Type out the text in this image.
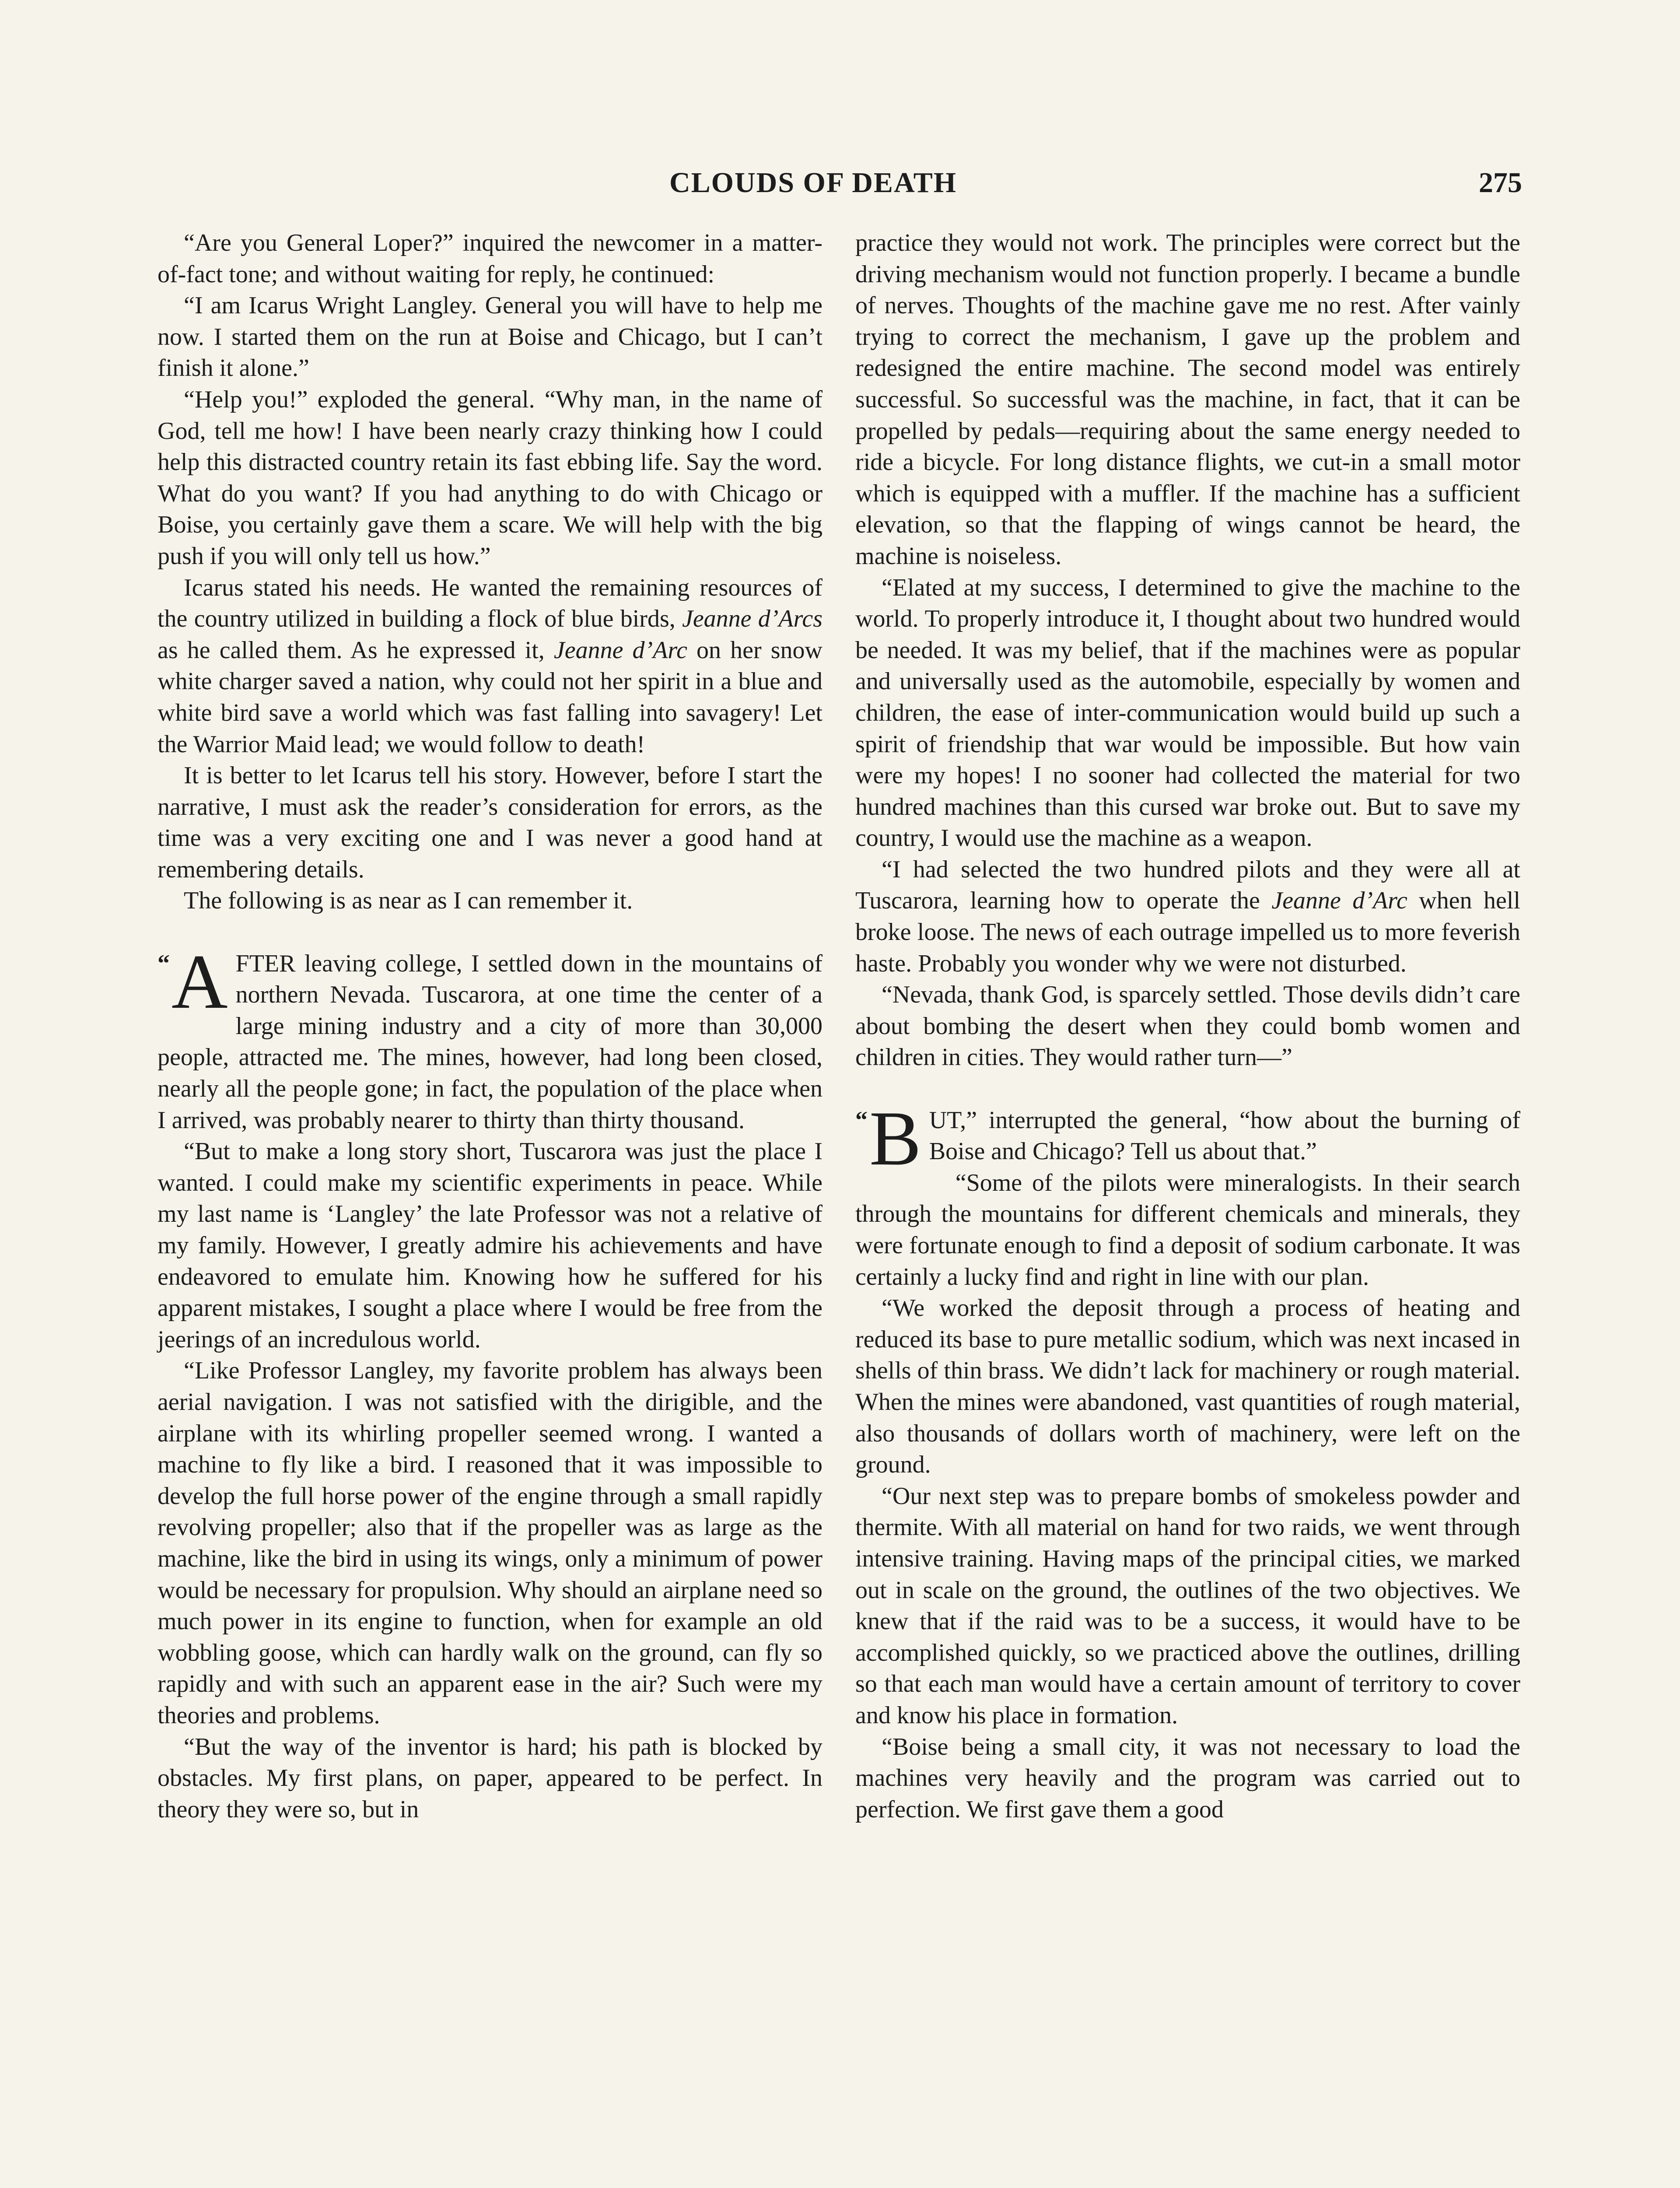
CLOUDS OF DEATH	275

“Are you General Loper?” inquired the newcomer in a matter-of-fact tone; and without waiting for reply, he continued:

“I am Icarus Wright Langley. General you will have to help me now. I started them on the run at Boise and Chicago, but I can’t finish it alone.”

“Help you!” exploded the general. “Why man, in the name of God, tell me how! I have been nearly crazy thinking how I could help this distracted country retain its fast ebbing life. Say the word. What do you want? If you had anything to do with Chicago or Boise, you certainly gave them a scare. We will help with the big push if you will only tell us how.”

Icarus stated his needs. He wanted the remaining resources of the country utilized in building a flock of blue birds, Jeanne d’Arcs as he called them. As he expressed it, Jeanne d’Arc on her snow white charger saved a nation, why could not her spirit in a blue and white bird save a world which was fast falling into savagery! Let the Warrior Maid lead; we would follow to death!

It is better to let Icarus tell his story. However, before I start the narrative, I must ask the reader’s consideration for errors, as the time was a very exciting one and I was never a good hand at remembering details.

The following is as near as I can remember it.

“ A FTER leaving college, I settled down in the mountains of northern Nevada. Tuscarora, at one time the center of a large mining industry and a city of more than 30,000 people, attracted me. The mines, however, had long been closed, nearly all the people gone; in fact, the population of the place when I arrived, was probably nearer to thirty than thirty thousand.

“But to make a long story short, Tuscarora was just the place I wanted. I could make my scientific experiments in peace. While my last name is ‘Langley’ the late Professor was not a relative of my family. However, I greatly admire his achievements and have endeavored to emulate him. Knowing how he suffered for his apparent mistakes, I sought a place where I would be free from the jeerings of an incredulous world.

“Like Professor Langley, my favorite problem has always been aerial navigation. I was not satisfied with the dirigible, and the airplane with its whirling propeller seemed wrong. I wanted a machine to fly like a bird. I reasoned that it was impossible to develop the full horse power of the engine through a small rapidly revolving propeller; also that if the propeller was as large as the machine, like the bird in using its wings, only a minimum of power would be necessary for propulsion. Why should an airplane need so much power in its engine to function, when for example an old wobbling goose, which can hardly walk on the ground, can fly so rapidly and with such an apparent ease in the air? Such were my theories and problems.

“But the way of the inventor is hard; his path is blocked by obstacles. My first plans, on paper, appeared to be perfect. In theory they were so, but in

practice they would not work. The principles were correct but the driving mechanism would not function properly. I became a bundle of nerves. Thoughts of the machine gave me no rest. After vainly trying to correct the mechanism, I gave up the problem and redesigned the entire machine. The second model was entirely successful. So successful was the machine, in fact, that it can be propelled by pedals—requiring about the same energy needed to ride a bicycle. For long distance flights, we cut-in a small motor which is equipped with a muffler. If the machine has a sufficient elevation, so that the flapping of wings cannot be heard, the machine is noiseless.

“Elated at my success, I determined to give the machine to the world. To properly introduce it, I thought about two hundred would be needed. It was my belief, that if the machines were as popular and universally used as the automobile, especially by women and children, the ease of inter-communication would build up such a spirit of friendship that war would be impossible. But how vain were my hopes! I no sooner had collected the material for two hundred machines than this cursed war broke out. But to save my country, I would use the machine as a weapon.

“I had selected the two hundred pilots and they were all at Tuscarora, learning how to operate the Jeanne d’Arc when hell broke loose. The news of each outrage impelled us to more feverish haste. Probably you wonder why we were not disturbed.

“Nevada, thank God, is sparcely settled. Those devils didn’t care about bombing the desert when they could bomb women and children in cities. They would rather turn—”

“ B UT,” interrupted the general, “how about the burning of Boise and Chicago? Tell us about that.”

“Some of the pilots were mineralogists. In their search through the mountains for different chemicals and minerals, they were fortunate enough to find a deposit of sodium carbonate. It was certainly a lucky find and right in line with our plan.

“We worked the deposit through a process of heating and reduced its base to pure metallic sodium, which was next incased in shells of thin brass. We didn’t lack for machinery or rough material. When the mines were abandoned, vast quantities of rough material, also thousands of dollars worth of machinery, were left on the ground.

“Our next step was to prepare bombs of smokeless powder and thermite. With all material on hand for two raids, we went through intensive training. Having maps of the principal cities, we marked out in scale on the ground, the outlines of the two objectives. We knew that if the raid was to be a success, it would have to be accomplished quickly, so we practiced above the outlines, drilling so that each man would have a certain amount of territory to cover and know his place in formation.

“Boise being a small city, it was not necessary to load the machines very heavily and the program was carried out to perfection. We first gave them a good
